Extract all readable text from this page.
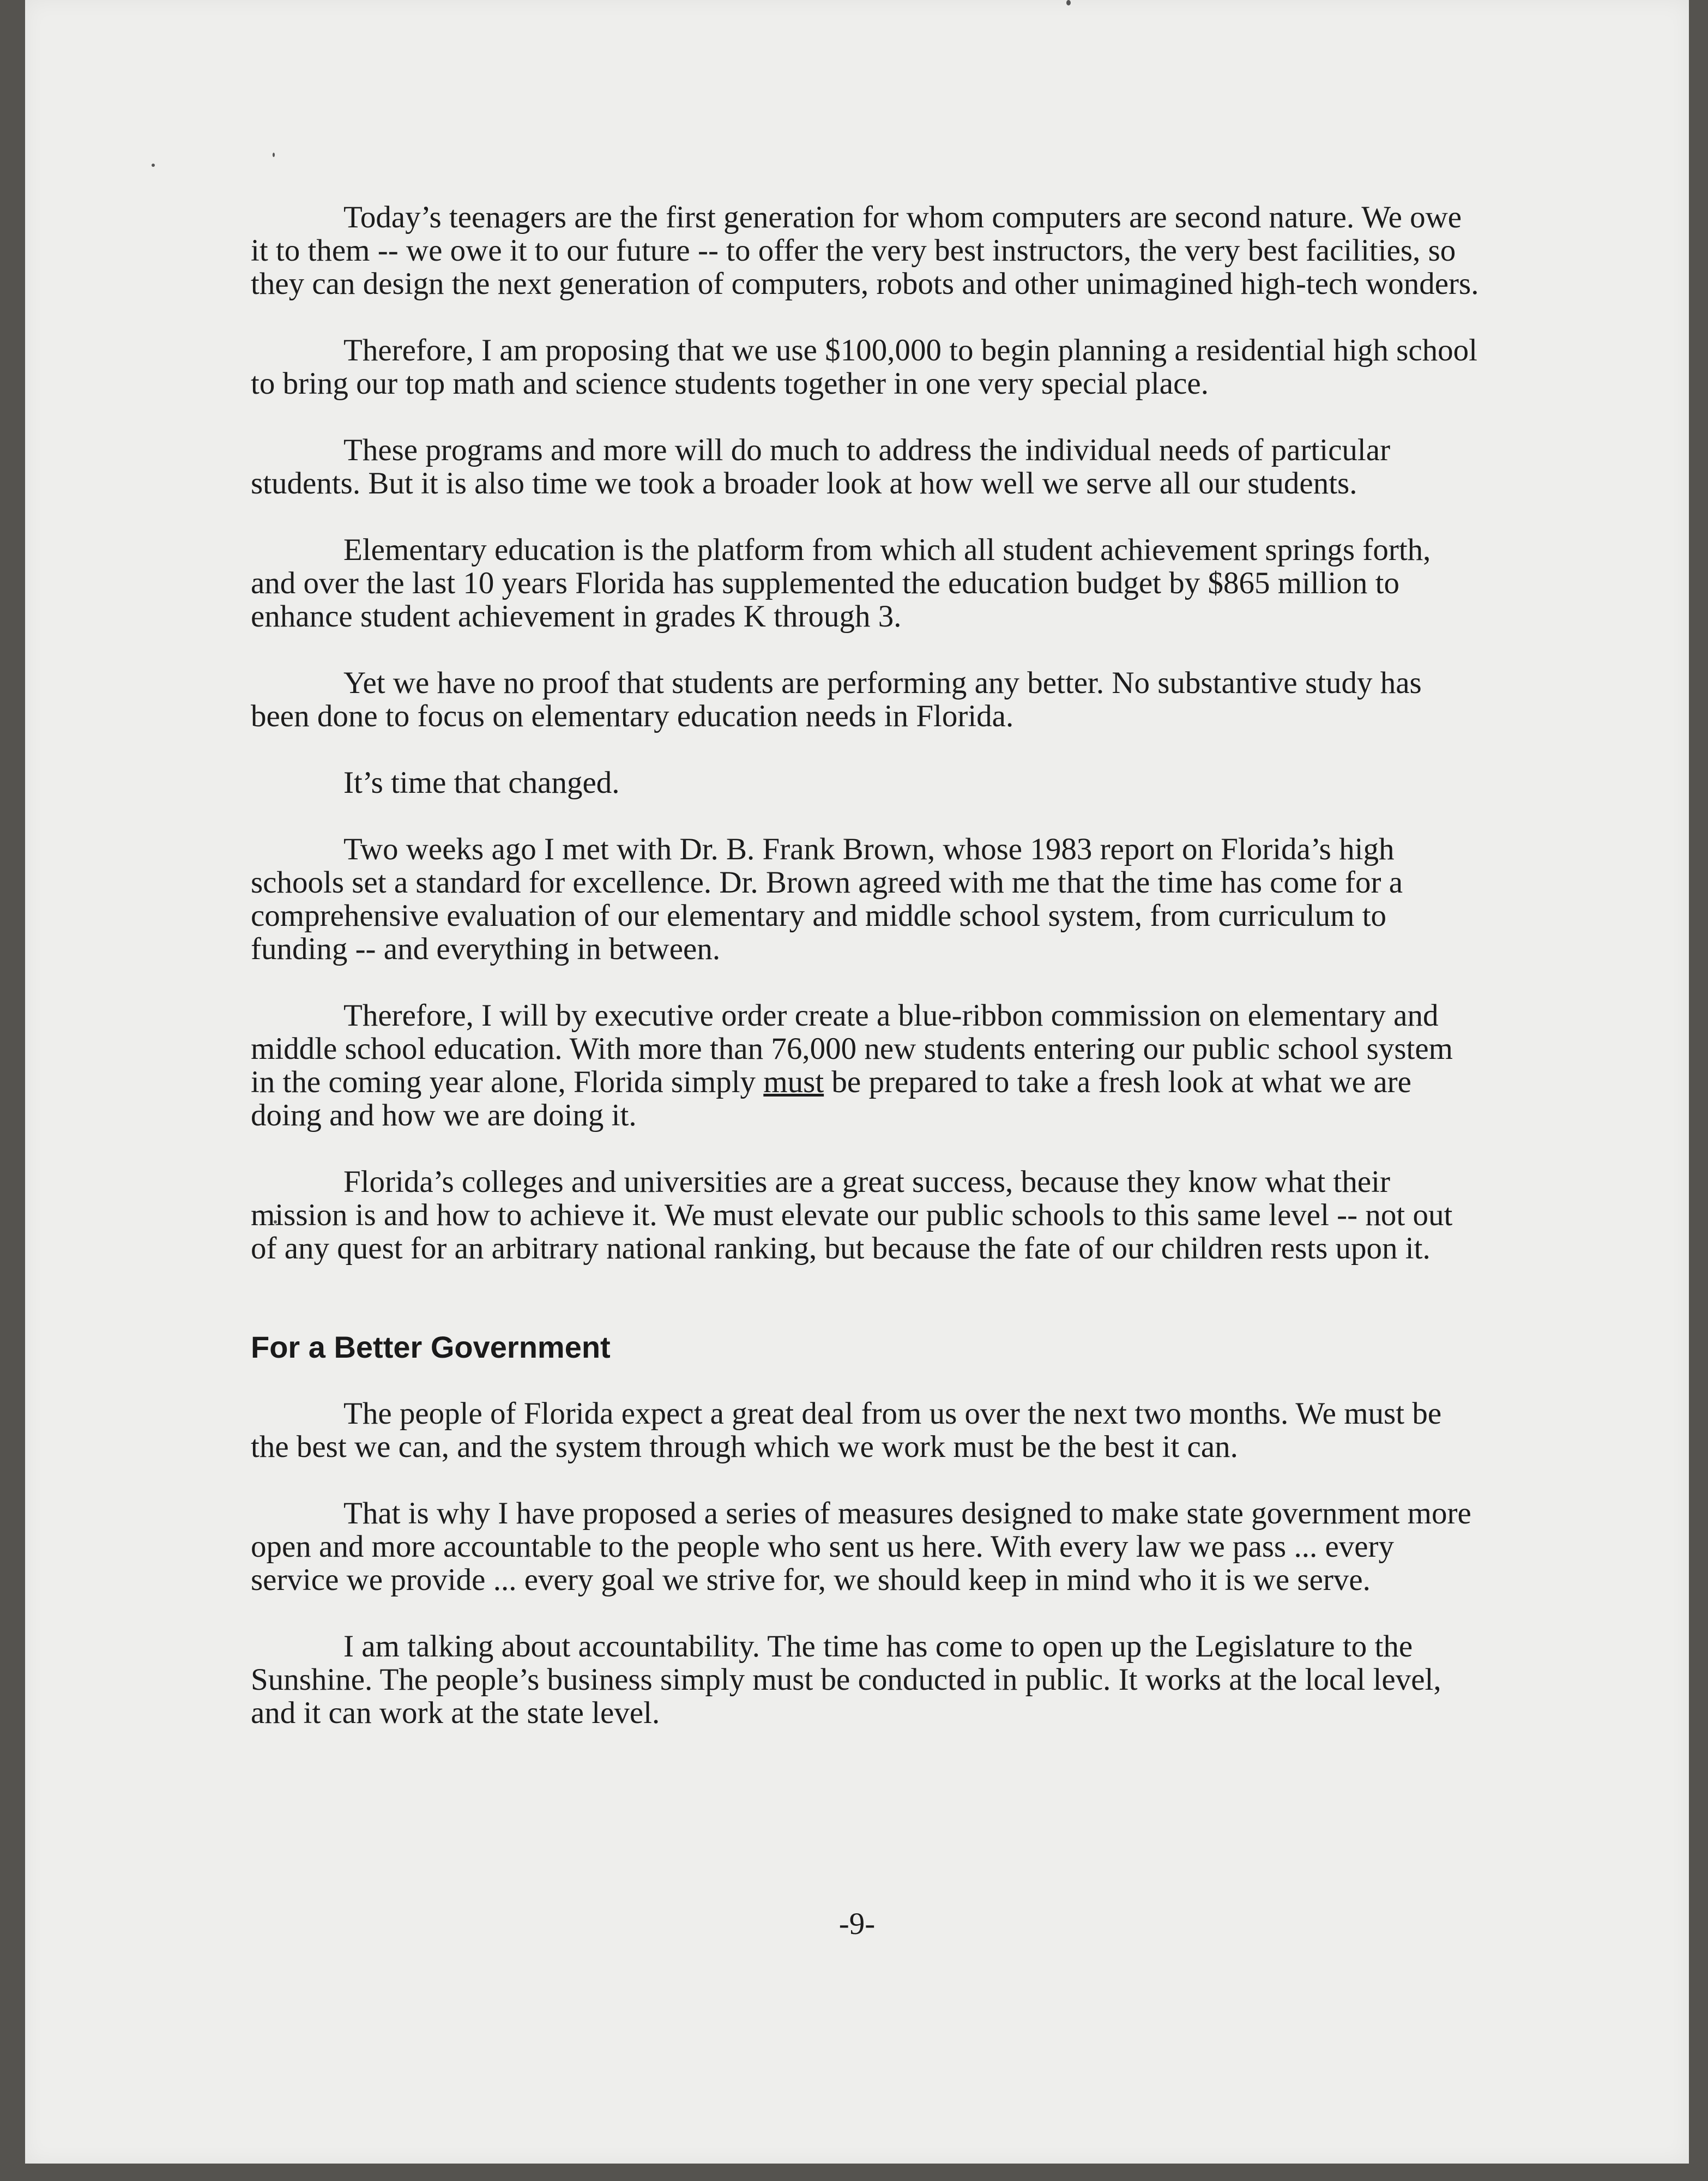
Today’s teenagers are the first generation for whom computers are second nature. We owe it to them -- we owe it to our future -- to offer the very best instructors, the very best facilities, so they can design the next generation of computers, robots and other unimagined high-tech wonders.

Therefore, I am proposing that we use $100,000 to begin planning a residential high school to bring our top math and science students together in one very special place.

These programs and more will do much to address the individual needs of particular students. But it is also time we took a broader look at how well we serve all our students.

Elementary education is the platform from which all student achievement springs forth, and over the last 10 years Florida has supplemented the education budget by $865 million to enhance student achievement in grades K through 3.

Yet we have no proof that students are performing any better. No substantive study has been done to focus on elementary education needs in Florida.

It’s time that changed.

Two weeks ago I met with Dr. B. Frank Brown, whose 1983 report on Florida’s high schools set a standard for excellence. Dr. Brown agreed with me that the time has come for a comprehensive evaluation of our elementary and middle school system, from curriculum to funding -- and everything in between.

Therefore, I will by executive order create a blue-ribbon commission on elementary and middle school education. With more than 76,000 new students entering our public school system in the coming year alone, Florida simply must be prepared to take a fresh look at what we are doing and how we are doing it.

Florida’s colleges and universities are a great success, because they know what their mission is and how to achieve it. We must elevate our public schools to this same level -- not out of any quest for an arbitrary national ranking, but because the fate of our children rests upon it.

For a Better Government

The people of Florida expect a great deal from us over the next two months. We must be the best we can, and the system through which we work must be the best it can.

That is why I have proposed a series of measures designed to make state government more open and more accountable to the people who sent us here. With every law we pass ... every service we provide ... every goal we strive for, we should keep in mind who it is we serve.

I am talking about accountability. The time has come to open up the Legislature to the Sunshine. The people’s business simply must be conducted in public. It works at the local level, and it can work at the state level.

-9-
